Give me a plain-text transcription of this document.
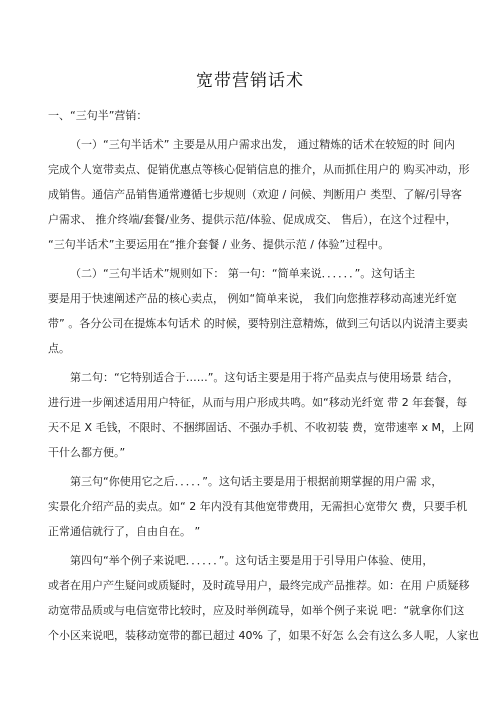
宽带营销话术
一、“三句半”营销：
（一）“三句半话术” 主要是从用户需求出发， 通过精炼的话术在较短的时 间内
完成个人宽带卖点、促销优惠点等核心促销信息的推介，从而抓住用户的 购买冲动，形
成销售。通信产品销售通常遵循七步规则（欢迎 / 问候、判断用户 类型、了解/引导客
户需求、 推介终端/套餐/业务、提供示范/体验、促成成交、 售后），在这个过程中，
“三句半话术”主要运用在“推介套餐 / 业务、提供示范 / 体验”过程中。
（二）“三句半话术”规则如下： 第一句：“简单来说．．．．．．”。这句话主
要是用于快速阐述产品的核心卖点， 例如“简单来说， 我们向您推荐移动高速光纤宽
带” 。各分公司在提炼本句话术 的时候，要特别注意精炼，做到三句话以内说清主要卖
点。
第二句：“它特别适合于……”。这句话主要是用于将产品卖点与使用场景 结合，
进行进一步阐述适用用户特征，从而与用户形成共鸣。如“移动光纤宽 带 2 年套餐，每
天不足 X 毛钱，不限时、不捆绑固话、不强办手机、不收初装 费，宽带速率 x M，上网
干什么都方便。”
第三句“你使用它之后．．．．．”。这句话主要是用于根据前期掌握的用户需 求，
实景化介绍产品的卖点。如“ 2 年内没有其他宽带费用，无需担心宽带欠 费，只要手机
正常通信就行了，自由自在。 ”
第四句“举个例子来说吧．．．．．．”。这句话主要是用于引导用户体验、使用，
或者在用户产生疑问或质疑时，及时疏导用户，最终完成产品推荐。如：在用 户质疑移
动宽带品质或与电信宽带比较时，应及时举例疏导，如举个例子来说 吧：“就拿你们这
个小区来说吧，装移动宽带的都已超过 40% 了，如果不好怎 么会有这么多人呢，人家也
